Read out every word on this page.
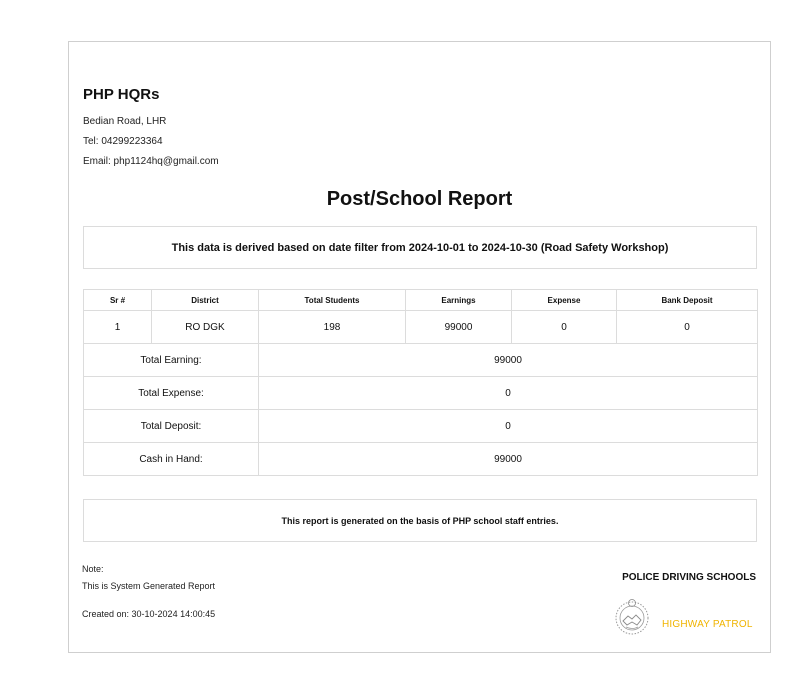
PHP HQRs
Bedian Road, LHR
Tel: 04299223364
Email: php1124hq@gmail.com
Post/School Report
This data is derived based on date filter from 2024-10-01 to 2024-10-30 (Road Safety Workshop)
Sr #	District	Total Students	Earnings	Expense	Bank Deposit
1	RO DGK	198	99000	0	0
Total Earning:		99000			
Total Expense:		0			
Total Deposit:		0			
Cash in Hand:		99000			
This report is generated on the basis of PHP school staff entries.
Note:
This is System Generated Report
Created on: 30-10-2024 14:00:45
POLICE DRIVING SCHOOLS
HIGHWAY PATROL
